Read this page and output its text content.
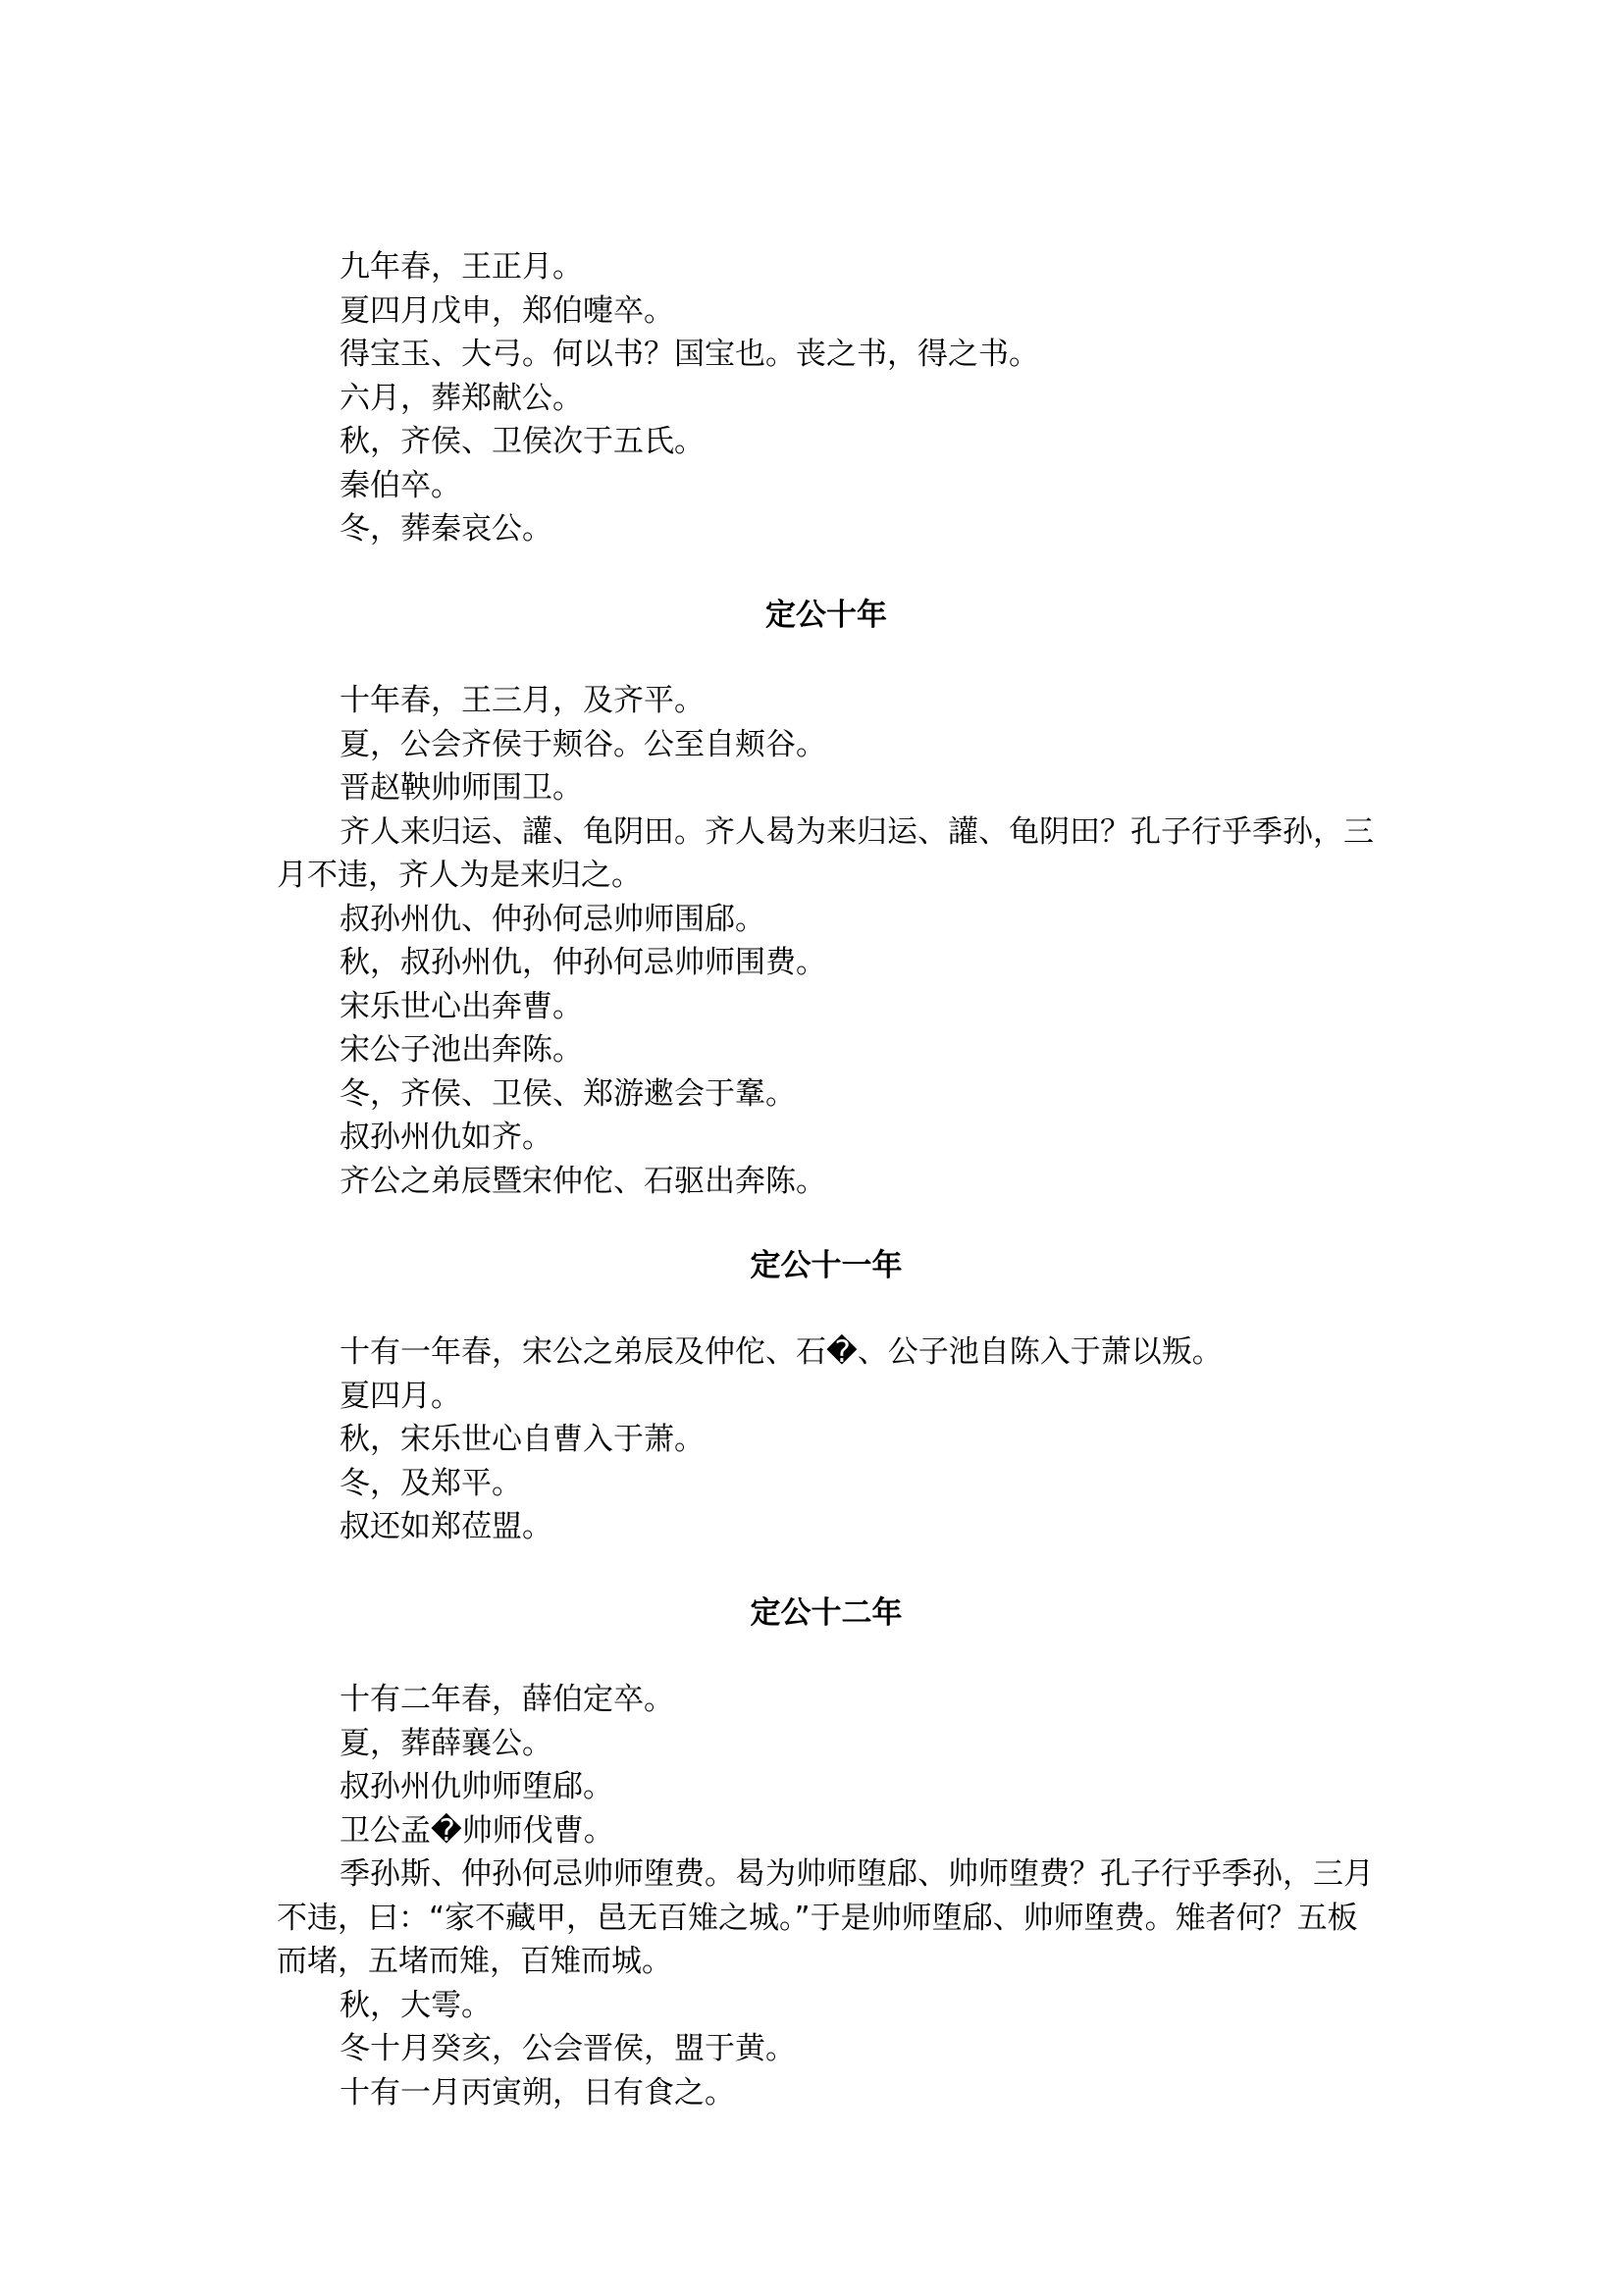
九年春，王正月。

夏四月戊申，郑伯嚏卒。

得宝玉、大弓。何以书？国宝也。丧之书，得之书。

六月，葬郑献公。

秋，齐侯、卫侯次于五氏。

秦伯卒。

冬，葬秦哀公。

定公十年

十年春，王三月，及齐平。

夏，公会齐侯于颊谷。公至自颊谷。

晋赵鞅帅师围卫。

齐人来归运、讙、龟阴田。齐人曷为来归运、讙、龟阴田？孔子行乎季孙，三月不违，齐人为是来归之。

叔孙州仇、仲孙何忌帅师围郈。

秋，叔孙州仇，仲孙何忌帅师围费。

宋乐世心出奔曹。

宋公子池出奔陈。

冬，齐侯、卫侯、郑游遬会于鞌。

叔孙州仇如齐。

齐公之弟辰暨宋仲佗、石驱出奔陈。

定公十一年

十有一年春，宋公之弟辰及仲佗、石�、公子池自陈入于萧以叛。

夏四月。

秋，宋乐世心自曹入于萧。

冬，及郑平。

叔还如郑莅盟。

定公十二年

十有二年春，薛伯定卒。

夏，葬薛襄公。

叔孙州仇帅师堕郈。

卫公孟�帅师伐曹。

季孙斯、仲孙何忌帅师堕费。曷为帅师堕郈、帅师堕费？孔子行乎季孙，三月不违，曰：“家不藏甲，邑无百雉之城。”于是帅师堕郈、帅师堕费。雉者何？五板而堵，五堵而雉，百雉而城。

秋，大雩。

冬十月癸亥，公会晋侯，盟于黄。

十有一月丙寅朔，日有食之。
